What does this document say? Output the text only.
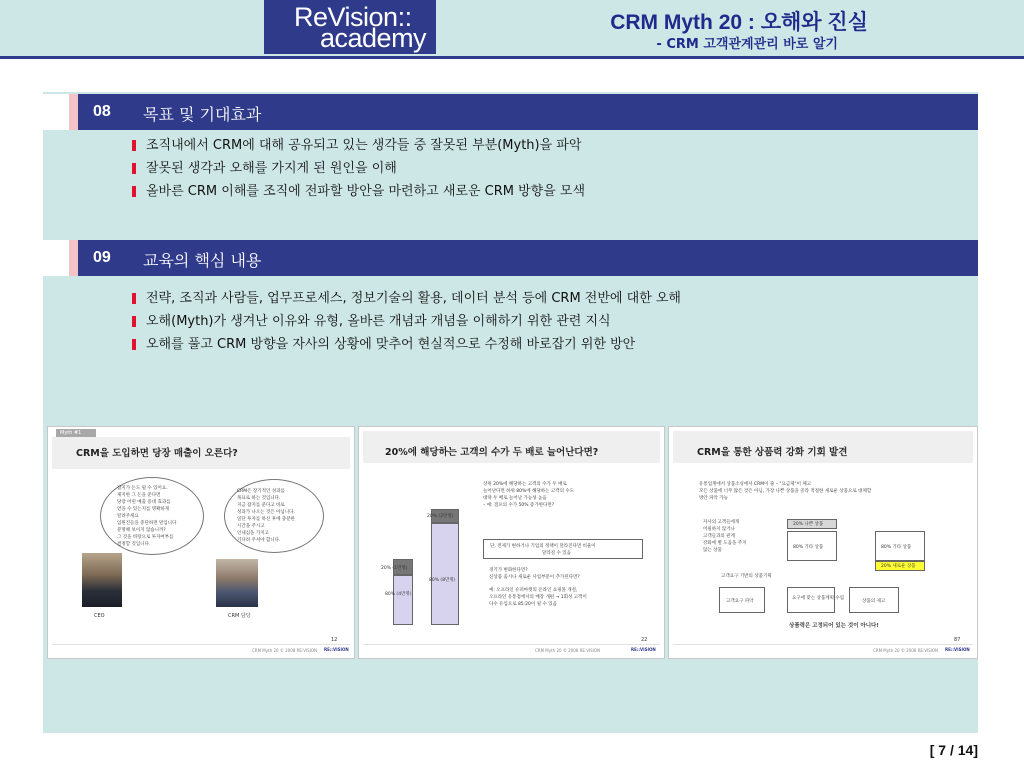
ReVision::
academy
CRM Myth 20 : 오해와 진실
- CRM 고객관계관리 바로 알기
08 목표 및 기대효과
조직내에서 CRM에 대해 공유되고 있는 생각들 중 잘못된 부분(Myth)을 파악
잘못된 생각과 오해를 가지게 된 원인을 이해
올바른 CRM 이해를 조직에 전파할 방안을 마련하고 새로운 CRM 방향을 모색
09 교육의 핵심 내용
전략, 조직과 사람들, 업무프로세스, 정보기술의 활용, 데이터 분석 등에 CRM 전반에 대한 오해
오해(Myth)가 생겨난 이유와 유형, 올바른 개념과 개념을 이해하기 위한 관련 지식
오해를 풀고 CRM 방향을 자사의 상황에 맞추어 현실적으로 수정해 바로잡기 위한 방안
Myth #1
CRM을 도입하면 당장 매출이 오른다?
잡지가 돈도 될 수 있어요.
제지한 그 돈을 준다면
당장 어떤 매출 증대 효과를
얻을 수 있는지를 명확하게
알려주세요
임원진들을 중단하면 말입니다
분명해 보이지 않습니까?
그 것을 바탕으로 투자여부를
결정할 것입니다.
CRM은 장기적인 성과를
목표로 하는 것입니다.
지금 잡지를 준다고 바로
성과가 나오는 것은 아닙니다.
일단 투자를 하신 후에 충분한
시간을 주시고
인내심을 가지고
기다려 주셔야 합니다.
CEO	CRM 담당
12
CRM Myth 20 © 2008 RE:VISION RE::VISION
20%에 해당하는 고객의 수가 두 배로 늘어난다면?
20% (2만명)
20% (1만명)
80% (4만명)
80% (8만명)
상위 20%에 해당하는 고객의 수가 두 배로
늘어난다면 하위 80%에 해당하는 고객의 수도
대략 두 배로 늘어날 가능성 높음
– 예: 점포의 수가 50% 증가한다면?
단, 전제가 변하거나 기업의 정책이 달라진다면 비율이
달라질 수 있음
경기가 변화한다면?
신상품 출시나 새로운 사업부문이 추가된다면?
예: 오프라인 슈퍼마켓의 온라인 쇼핑몰 개설,
오프라인 유통점에서의 매장 개편 → 1회성 고객이
다수 유입으로 85:20이 될 수 있음
22
CRM Myth 20 © 2008 RE:VISION	RE::VISION
CRM을 통한 상품력 강화 기회 발견
유통업계에서 상품소싱에서 CRM이 줄 – "요금제"이 체고
모든 상품에 너무 많은 것은 아님, 가장 나쁜 상품을 골라 적절한 새로운 상품으로 대체할
방안 파악 가능
자사의 고객들에게
어필하지 않거나
고객들과의 관계
강화에 별 도움을 주지
않는 상품
20% 나쁜 상품
80% 기타 상품	80% 기타 상품
20% 새로운 상품
고객요구 기반의 상품기획
고객요구 파악
요구에 맞는 상품계획 수립
상품의 제고
상품력은 고정되어 있는 것이 아니다!
87
CRM Myth 20 © 2008 RE:VISION RE::VISION
[ 7 / 14]
